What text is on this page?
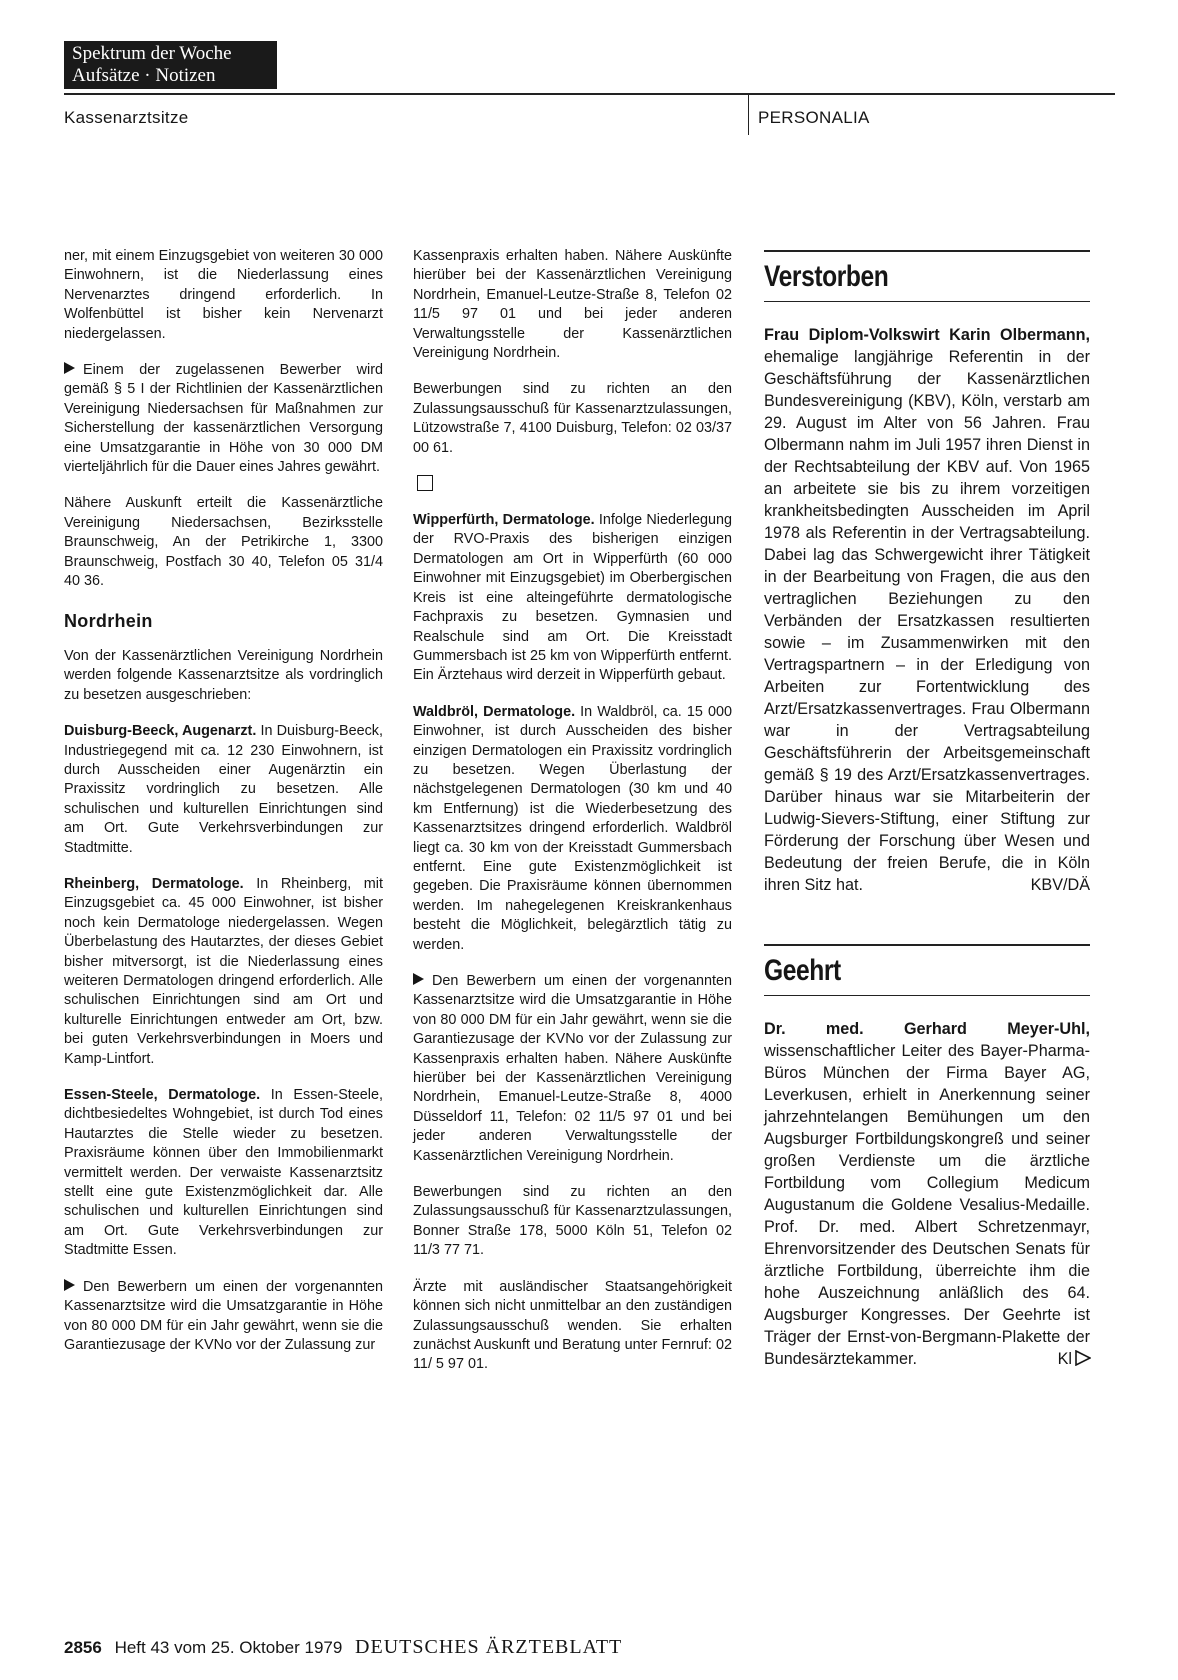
Spektrum der Woche
Aufsätze · Notizen
Kassenarztsitze	PERSONALIA

ner, mit einem Einzugsgebiet von weiteren 30 000 Einwohnern, ist die Niederlassung eines Nervenarztes dringend erforderlich. In Wolfenbüttel ist bisher kein Nervenarzt niedergelassen.

Einem der zugelassenen Bewerber wird gemäß § 5 I der Richtlinien der Kassenärztlichen Vereinigung Niedersachsen für Maßnahmen zur Sicherstellung der kassenärztlichen Versorgung eine Umsatzgarantie in Höhe von 30 000 DM vierteljährlich für die Dauer eines Jahres gewährt.

Nähere Auskunft erteilt die Kassenärztliche Vereinigung Niedersachsen, Bezirksstelle Braunschweig, An der Petrikirche 1, 3300 Braunschweig, Postfach 30 40, Telefon 05 31/4 40 36.

Nordrhein

Von der Kassenärztlichen Vereinigung Nordrhein werden folgende Kassenarztsitze als vordringlich zu besetzen ausgeschrieben:

Duisburg-Beeck, Augenarzt. In Duisburg-Beeck, Industriegegend mit ca. 12 230 Einwohnern, ist durch Ausscheiden einer Augenärztin ein Praxissitz vordringlich zu besetzen. Alle schulischen und kulturellen Einrichtungen sind am Ort. Gute Verkehrsverbindungen zur Stadtmitte.

Rheinberg, Dermatologe. In Rheinberg, mit Einzugsgebiet ca. 45 000 Einwohner, ist bisher noch kein Dermatologe niedergelassen. Wegen Überbelastung des Hautarztes, der dieses Gebiet bisher mitversorgt, ist die Niederlassung eines weiteren Dermatologen dringend erforderlich. Alle schulischen Einrichtungen sind am Ort und kulturelle Einrichtungen entweder am Ort, bzw. bei guten Verkehrsverbindungen in Moers und Kamp-Lintfort.

Essen-Steele, Dermatologe. In Essen-Steele, dichtbesiedeltes Wohngebiet, ist durch Tod eines Hautarztes die Stelle wieder zu besetzen. Praxisräume können über den Immobilienmarkt vermittelt werden. Der verwaiste Kassenarztsitz stellt eine gute Existenzmöglichkeit dar. Alle schulischen und kulturellen Einrichtungen sind am Ort. Gute Verkehrsverbindungen zur Stadtmitte Essen.

Den Bewerbern um einen der vorgenannten Kassenarztsitze wird die Umsatzgarantie in Höhe von 80 000 DM für ein Jahr gewährt, wenn sie die Garantiezusage der KVNo vor der Zulassung zur

Kassenpraxis erhalten haben. Nähere Auskünfte hierüber bei der Kassenärztlichen Vereinigung Nordrhein, Emanuel-Leutze-Straße 8, Telefon 02 11/5 97 01 und bei jeder anderen Verwaltungsstelle der Kassenärztlichen Vereinigung Nordrhein.

Bewerbungen sind zu richten an den Zulassungsausschuß für Kassenarztzulassungen, Lützowstraße 7, 4100 Duisburg, Telefon: 02 03/37 00 61.

Wipperfürth, Dermatologe. Infolge Niederlegung der RVO-Praxis des bisherigen einzigen Dermatologen am Ort in Wipperfürth (60 000 Einwohner mit Einzugsgebiet) im Oberbergischen Kreis ist eine alteingeführte dermatologische Fachpraxis zu besetzen. Gymnasien und Realschule sind am Ort. Die Kreisstadt Gummersbach ist 25 km von Wipperfürth entfernt. Ein Ärztehaus wird derzeit in Wipperfürth gebaut.

Waldbröl, Dermatologe. In Waldbröl, ca. 15 000 Einwohner, ist durch Ausscheiden des bisher einzigen Dermatologen ein Praxissitz vordringlich zu besetzen. Wegen Überlastung der nächstgelegenen Dermatologen (30 km und 40 km Entfernung) ist die Wiederbesetzung des Kassenarztsitzes dringend erforderlich. Waldbröl liegt ca. 30 km von der Kreisstadt Gummersbach entfernt. Eine gute Existenzmöglichkeit ist gegeben. Die Praxisräume können übernommen werden. Im nahegelegenen Kreiskrankenhaus besteht die Möglichkeit, belegärztlich tätig zu werden.

Den Bewerbern um einen der vorgenannten Kassenarztsitze wird die Umsatzgarantie in Höhe von 80 000 DM für ein Jahr gewährt, wenn sie die Garantiezusage der KVNo vor der Zulassung zur Kassenpraxis erhalten haben. Nähere Auskünfte hierüber bei der Kassenärztlichen Vereinigung Nordrhein, Emanuel-Leutze-Straße 8, 4000 Düsseldorf 11, Telefon: 02 11/5 97 01 und bei jeder anderen Verwaltungsstelle der Kassenärztlichen Vereinigung Nordrhein.

Bewerbungen sind zu richten an den Zulassungsausschuß für Kassenarztzulassungen, Bonner Straße 178, 5000 Köln 51, Telefon 02 11/3 77 71.

Ärzte mit ausländischer Staatsangehörigkeit können sich nicht unmittelbar an den zuständigen Zulassungsausschuß wenden. Sie erhalten zunächst Auskunft und Beratung unter Fernruf: 02 11/ 5 97 01.

Verstorben

Frau Diplom-Volkswirt Karin Olbermann, ehemalige langjährige Referentin in der Geschäftsführung der Kassenärztlichen Bundesvereinigung (KBV), Köln, verstarb am 29. August im Alter von 56 Jahren. Frau Olbermann nahm im Juli 1957 ihren Dienst in der Rechtsabteilung der KBV auf. Von 1965 an arbeitete sie bis zu ihrem vorzeitigen krankheitsbedingten Ausscheiden im April 1978 als Referentin in der Vertragsabteilung. Dabei lag das Schwergewicht ihrer Tätigkeit in der Bearbeitung von Fragen, die aus den vertraglichen Beziehungen zu den Verbänden der Ersatzkassen resultierten sowie – im Zusammenwirken mit den Vertragspartnern – in der Erledigung von Arbeiten zur Fortentwicklung des Arzt/Ersatzkassenvertrages. Frau Olbermann war in der Vertragsabteilung Geschäftsführerin der Arbeitsgemeinschaft gemäß § 19 des Arzt/Ersatzkassenvertrages. Darüber hinaus war sie Mitarbeiterin der Ludwig-Sievers-Stiftung, einer Stiftung zur Förderung der Forschung über Wesen und Bedeutung der freien Berufe, die in Köln ihren Sitz hat.	KBV/DÄ

Geehrt

Dr. med. Gerhard Meyer-Uhl, wissenschaftlicher Leiter des Bayer-Pharma-Büros München der Firma Bayer AG, Leverkusen, erhielt in Anerkennung seiner jahrzehntelangen Bemühungen um den Augsburger Fortbildungskongreß und seiner großen Verdienste um die ärztliche Fortbildung vom Collegium Medicum Augustanum die Goldene Vesalius-Medaille. Prof. Dr. med. Albert Schretzenmayr, Ehrenvorsitzender des Deutschen Senats für ärztliche Fortbildung, überreichte ihm die hohe Auszeichnung anläßlich des 64. Augsburger Kongresses. Der Geehrte ist Träger der Ernst-von-Bergmann-Plakette der Bundesärztekammer.	Kl

2856 Heft 43 vom 25. Oktober 1979 DEUTSCHES ÄRZTEBLATT
